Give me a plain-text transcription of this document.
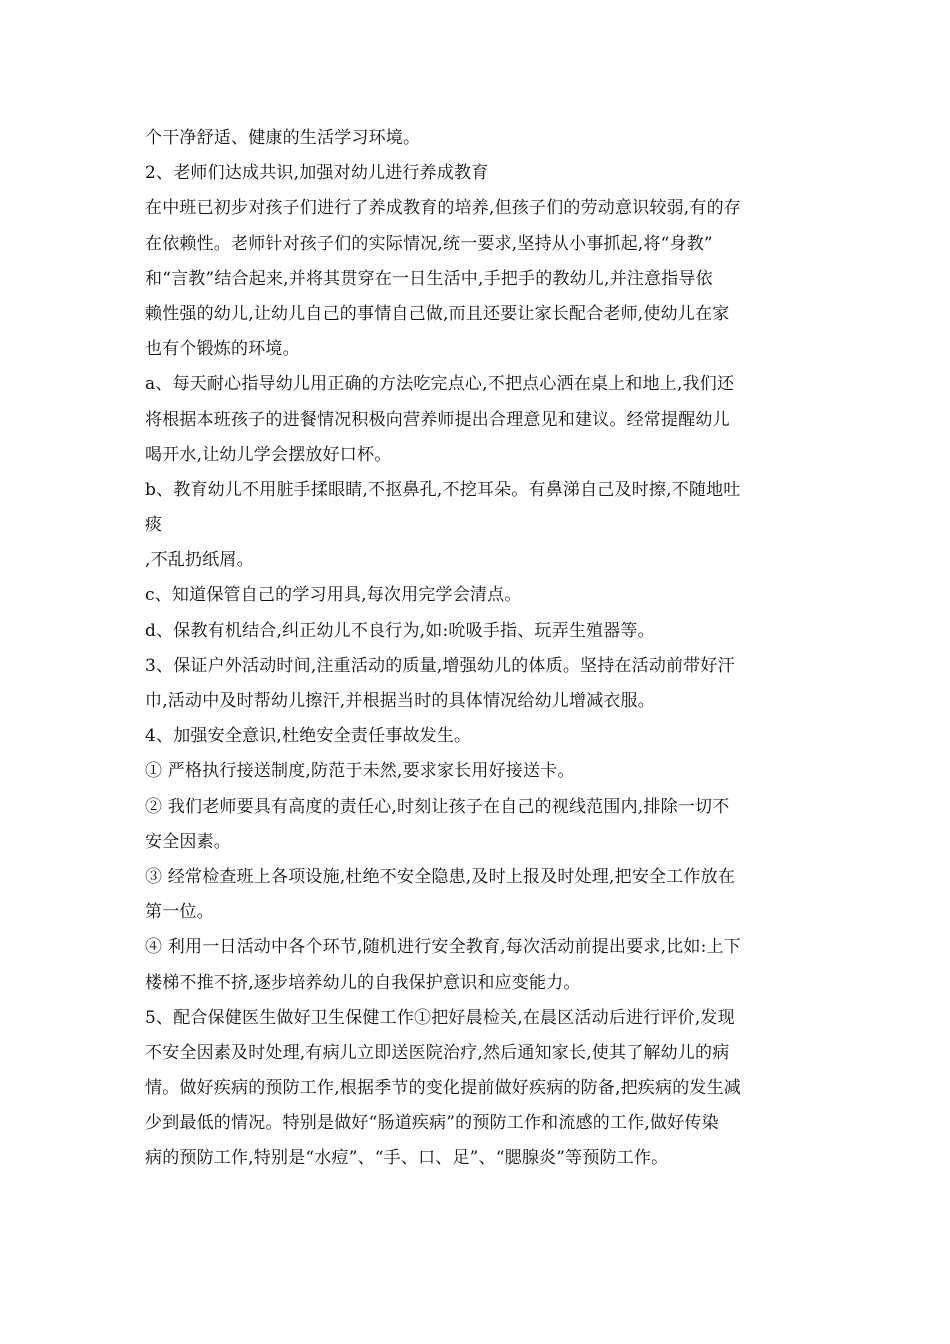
个干净舒适、健康的生活学习环境。
2、老师们达成共识,加强对幼儿进行养成教育
在中班已初步对孩子们进行了养成教育的培养,但孩子们的劳动意识较弱,有的存
在依赖性。老师针对孩子们的实际情况,统一要求,坚持从小事抓起,将“身教”
和“言教”结合起来,并将其贯穿在一日生活中,手把手的教幼儿,并注意指导依
赖性强的幼儿,让幼儿自己的事情自己做,而且还要让家长配合老师,使幼儿在家
也有个锻炼的环境。
a、每天耐心指导幼儿用正确的方法吃完点心,不把点心洒在桌上和地上,我们还
将根据本班孩子的进餐情况积极向营养师提出合理意见和建议。经常提醒幼儿
喝开水,让幼儿学会摆放好口杯。
b、教育幼儿不用脏手揉眼睛,不抠鼻孔,不挖耳朵。有鼻涕自己及时擦,不随地吐
痰
,不乱扔纸屑。
c、知道保管自己的学习用具,每次用完学会清点。
d、保教有机结合,纠正幼儿不良行为,如:吮吸手指、玩弄生殖器等。
3、保证户外活动时间,注重活动的质量,增强幼儿的体质。坚持在活动前带好汗
巾,活动中及时帮幼儿擦汗,并根据当时的具体情况给幼儿增减衣服。
4、加强安全意识,杜绝安全责任事故发生。
① 严格执行接送制度,防范于未然,要求家长用好接送卡。
② 我们老师要具有高度的责任心,时刻让孩子在自己的视线范围内,排除一切不
安全因素。
③ 经常检查班上各项设施,杜绝不安全隐患,及时上报及时处理,把安全工作放在
第一位。
④ 利用一日活动中各个环节,随机进行安全教育,每次活动前提出要求,比如:上下
楼梯不推不挤,逐步培养幼儿的自我保护意识和应变能力。
5、配合保健医生做好卫生保健工作①把好晨检关,在晨区活动后进行评价,发现
不安全因素及时处理,有病儿立即送医院治疗,然后通知家长,使其了解幼儿的病
情。做好疾病的预防工作,根据季节的变化提前做好疾病的防备,把疾病的发生减
少到最低的情况。特别是做好“肠道疾病”的预防工作和流感的工作,做好传染
病的预防工作,特别是“水痘”、“手、口、足”、“腮腺炎”等预防工作。
